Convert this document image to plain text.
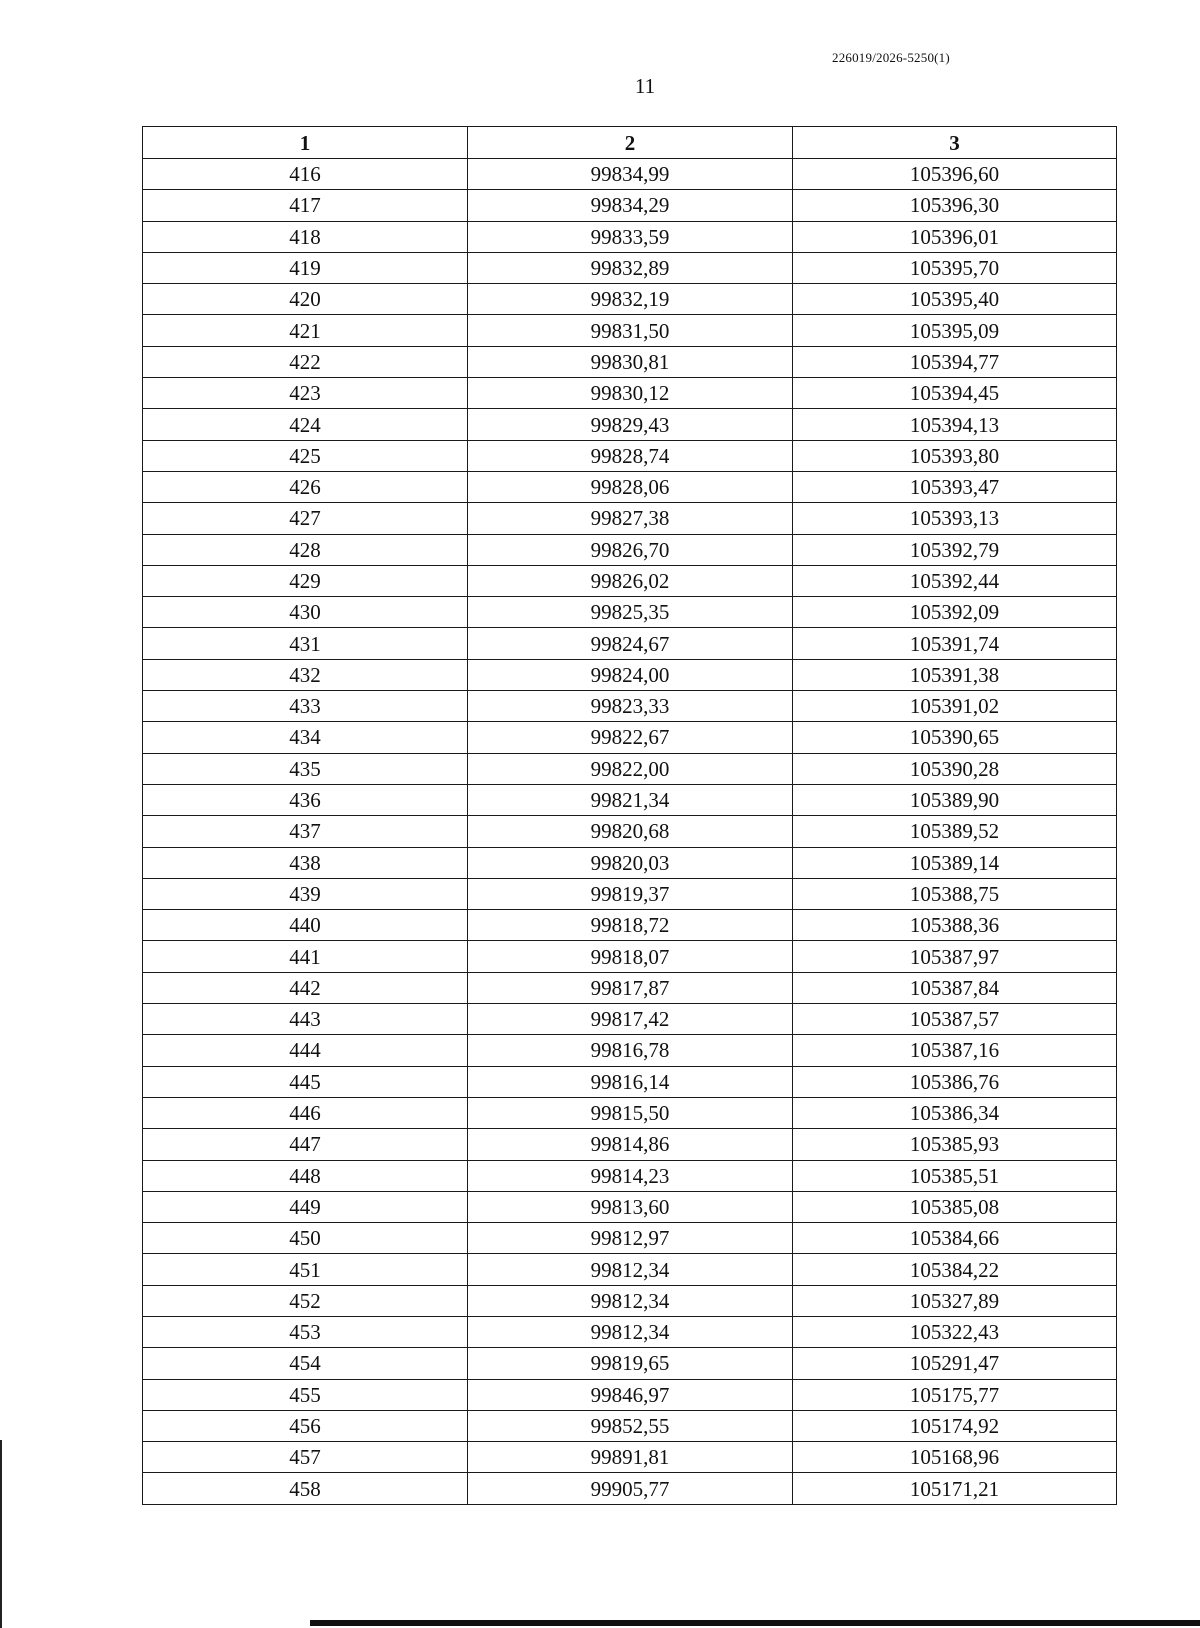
226019/2026-5250(1)
11
1	2	3
416	99834,99	105396,60
417	99834,29	105396,30
418	99833,59	105396,01
419	99832,89	105395,70
420	99832,19	105395,40
421	99831,50	105395,09
422	99830,81	105394,77
423	99830,12	105394,45
424	99829,43	105394,13
425	99828,74	105393,80
426	99828,06	105393,47
427	99827,38	105393,13
428	99826,70	105392,79
429	99826,02	105392,44
430	99825,35	105392,09
431	99824,67	105391,74
432	99824,00	105391,38
433	99823,33	105391,02
434	99822,67	105390,65
435	99822,00	105390,28
436	99821,34	105389,90
437	99820,68	105389,52
438	99820,03	105389,14
439	99819,37	105388,75
440	99818,72	105388,36
441	99818,07	105387,97
442	99817,87	105387,84
443	99817,42	105387,57
444	99816,78	105387,16
445	99816,14	105386,76
446	99815,50	105386,34
447	99814,86	105385,93
448	99814,23	105385,51
449	99813,60	105385,08
450	99812,97	105384,66
451	99812,34	105384,22
452	99812,34	105327,89
453	99812,34	105322,43
454	99819,65	105291,47
455	99846,97	105175,77
456	99852,55	105174,92
457	99891,81	105168,96
458	99905,77	105171,21
